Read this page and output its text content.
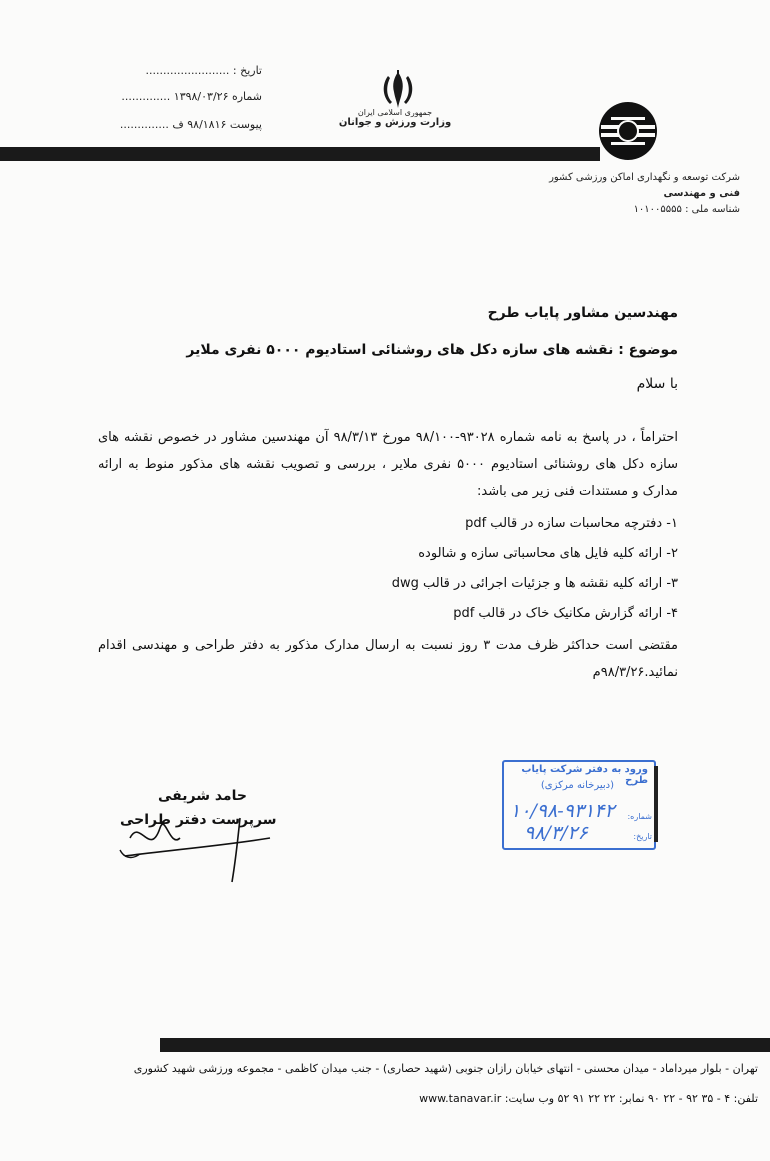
تاریخ : ........................
شماره ۱۳۹۸/۰۳/۲۶ ..............
پیوست ۹۸/۱۸۱۶ ف ..............
جمهوری اسلامی ایران
وزارت ورزش و جوانان
شرکت توسعه و نگهداری اماکن ورزشی کشور
فنی و مهندسی
شناسه ملی : ۱۰۱۰۰۵۵۵۵
مهندسین مشاور پایاب طرح
موضوع : نقشه های سازه دکل های روشنائی استادیوم ۵۰۰۰ نفری ملایر
با سلام
احتراماً ، در پاسخ به نامه شماره ۹۳۰۲۸-۹۸/۱۰۰ مورخ ۹۸/۳/۱۳ آن مهندسین مشاور در خصوص نقشه های سازه دکل های روشنائی استادیوم ۵۰۰۰ نفری ملایر ، بررسی و تصویب نقشه های مذکور منوط به ارائه مدارک و مستندات فنی زیر می باشد:
۱- دفترچه محاسبات سازه در قالب pdf
۲- ارائه کلیه فایل های محاسباتی سازه و شالوده
۳- ارائه کلیه نقشه ها و جزئیات اجرائی در قالب dwg
۴- ارائه گزارش مکانیک خاک در قالب pdf
مقتضی است حداکثر ظرف مدت ۳ روز نسبت به ارسال مدارک مذکور به دفتر طراحی و مهندسی اقدام نمائید.۹۸/۳/۲۶م
ورود به دفتر شرکت پایاب طرح
(دبیرخانه مرکزی)
شماره:
تاریخ:
۱۰/۹۸-۹۳۱۴۲
۹۸/۳/۲۶
حامد شریفی
سرپرست دفتر طراحی
تهران - بلوار میرداماد - میدان محسنی - انتهای خیابان رازان جنوبی (شهید حصاری) - جنب میدان کاظمی - مجموعه ورزشی شهید کشوری
تلفن: ۴ - ۳۵ ۹۲ - ۲۲ ۹۰ نمابر: ۲۲ ۲۲ ۹۱ ۵۲ وب سایت: www.tanavar.ir
